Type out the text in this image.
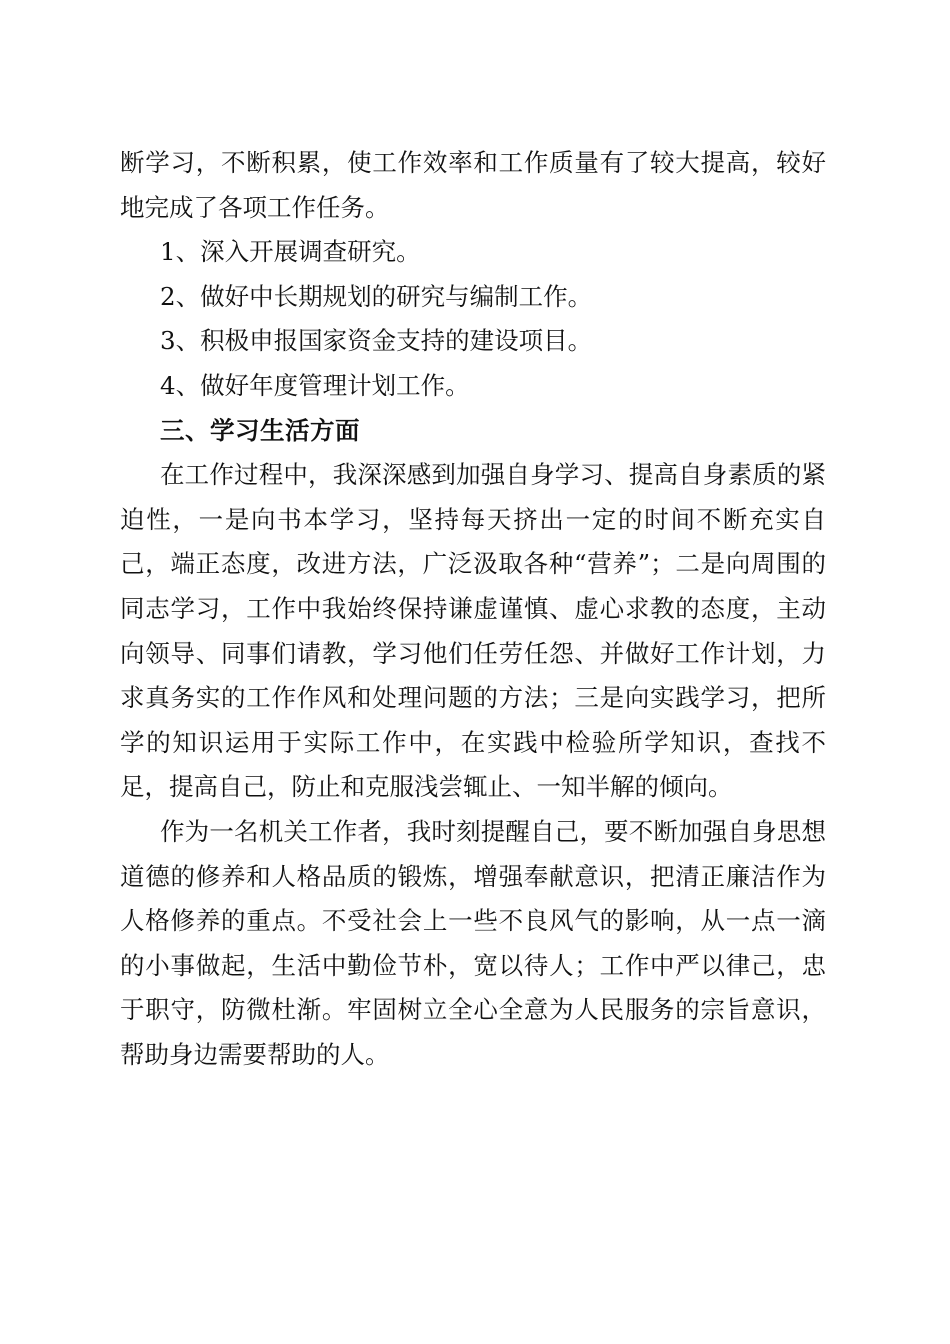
断学习，不断积累，使工作效率和工作质量有了较大提高，较好地完成了各项工作任务。

1、深入开展调查研究。

2、做好中长期规划的研究与编制工作。

3、积极申报国家资金支持的建设项目。

4、做好年度管理计划工作。

三、学习生活方面

在工作过程中，我深深感到加强自身学习、提高自身素质的紧迫性，一是向书本学习，坚持每天挤出一定的时间不断充实自己，端正态度，改进方法，广泛汲取各种“营养”；二是向周围的同志学习，工作中我始终保持谦虚谨慎、虚心求教的态度，主动向领导、同事们请教，学习他们任劳任怨、并做好工作计划，力求真务实的工作作风和处理问题的方法；三是向实践学习，把所学的知识运用于实际工作中，在实践中检验所学知识，查找不足，提高自己，防止和克服浅尝辄止、一知半解的倾向。

作为一名机关工作者，我时刻提醒自己，要不断加强自身思想道德的修养和人格品质的锻炼，增强奉献意识，把清正廉洁作为人格修养的重点。不受社会上一些不良风气的影响，从一点一滴的小事做起，生活中勤俭节朴，宽以待人；工作中严以律己，忠于职守，防微杜渐。牢固树立全心全意为人民服务的宗旨意识，帮助身边需要帮助的人。
